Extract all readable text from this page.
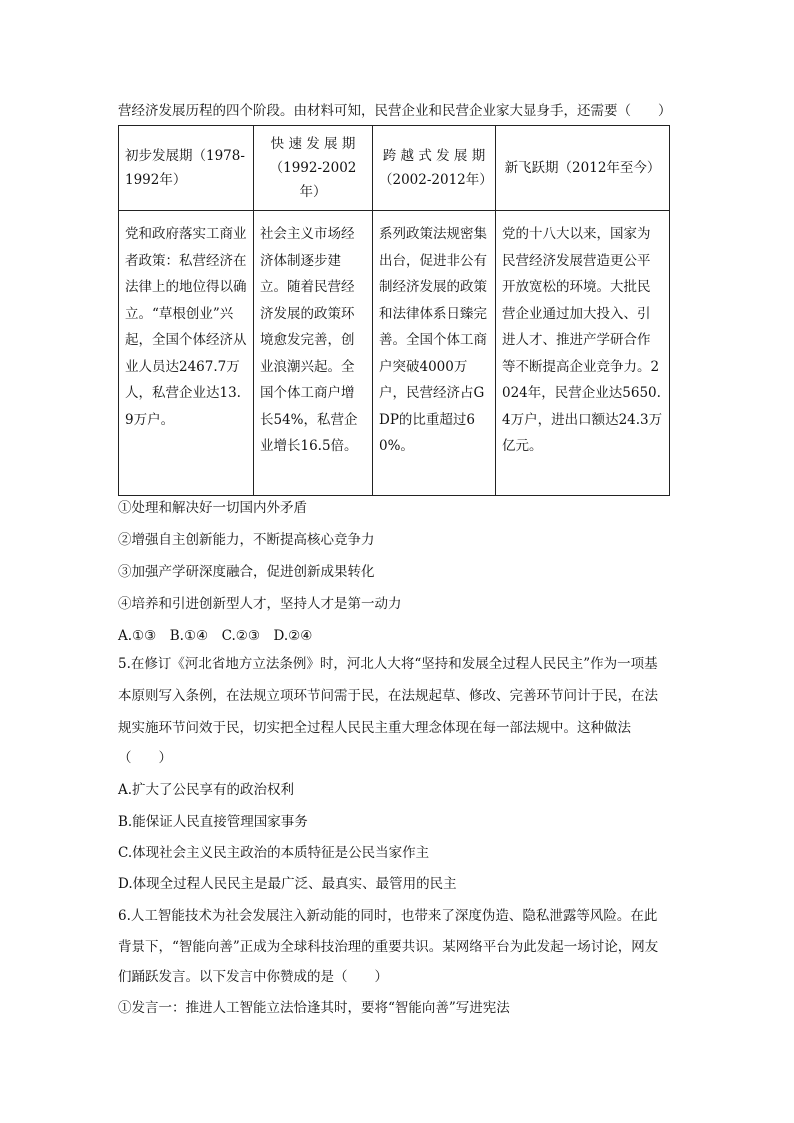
营经济发展历程的四个阶段。由材料可知，民营企业和民营企业家大显身手，还需要（　　）
初步发展期（1978-1992年）	快 速 发 展 期（1992-2002年）	跨 越 式 发 展 期（2002-2012年）	新飞跃期（2012年至今）
党和政府落实工商业者政策：私营经济在法律上的地位得以确立。“草根创业”兴起，全国个体经济从业人员达2467.7万人，私营企业达13.9万户。	社会主义市场经济体制逐步建立。随着民营经济发展的政策环境愈发完善，创业浪潮兴起。全国个体工商户增长54%，私营企业增长16.5倍。	系列政策法规密集出台，促进非公有制经济发展的政策和法律体系日臻完善。全国个体工商户突破4000万户，民营经济占GDP的比重超过60%。	党的十八大以来，国家为民营经济发展营造更公平开放宽松的环境。大批民营企业通过加大投入、引进人才、推进产学研合作等不断提高企业竞争力。2024年，民营企业达5650.4万户，进出口额达24.3万亿元。
①处理和解决好一切国内外矛盾
②增强自主创新能力，不断提高核心竞争力
③加强产学研深度融合，促进创新成果转化
④培养和引进创新型人才，坚持人才是第一动力
A.①③　B.①④　C.②③　D.②④
5.在修订《河北省地方立法条例》时，河北人大将“坚持和发展全过程人民民主”作为一项基
本原则写入条例，在法规立项环节问需于民，在法规起草、修改、完善环节问计于民，在法
规实施环节问效于民，切实把全过程人民民主重大理念体现在每一部法规中。这种做法
（　　）
A.扩大了公民享有的政治权利
B.能保证人民直接管理国家事务
C.体现社会主义民主政治的本质特征是公民当家作主
D.体现全过程人民民主是最广泛、最真实、最管用的民主
6.人工智能技术为社会发展注入新动能的同时，也带来了深度伪造、隐私泄露等风险。在此
背景下，“智能向善”正成为全球科技治理的重要共识。某网络平台为此发起一场讨论，网友
们踊跃发言。以下发言中你赞成的是（　　）
①发言一：推进人工智能立法恰逢其时，要将“智能向善”写进宪法
